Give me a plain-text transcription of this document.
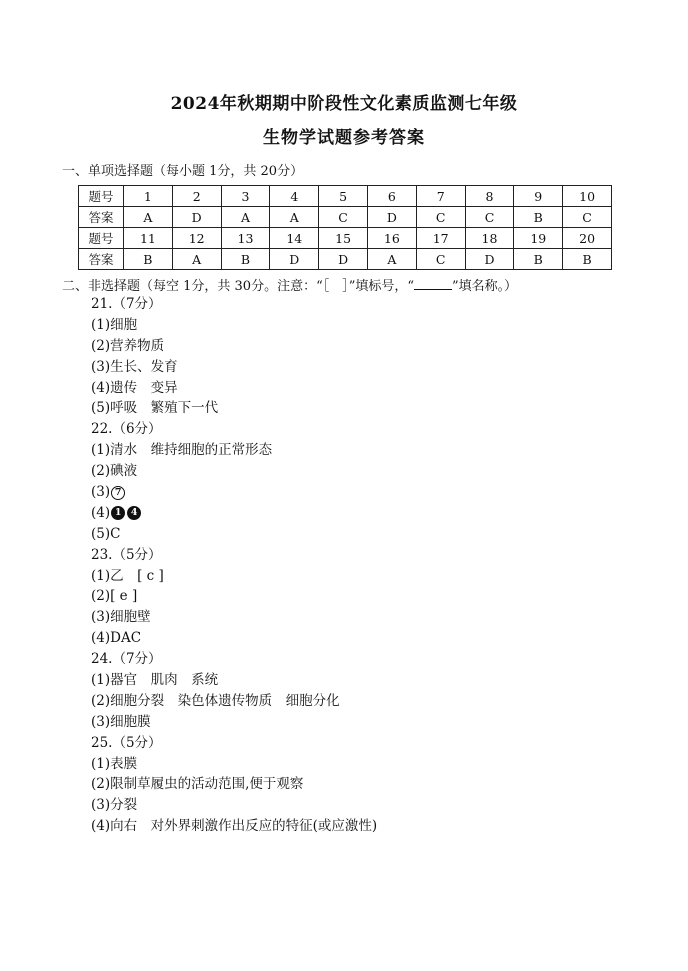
2024年秋期期中阶段性文化素质监测七年级
生物学试题参考答案
一、单项选择题（每小题 1分，共 20分）
题号	1	2	3	4	5	6	7	8	9	10
答案	A	D	A	A	C	D	C	C	B	C
题号	11	12	13	14	15	16	17	18	19	20
答案	B	A	B	D	D	A	C	D	B	B
二、非选择题（每空 1分，共 30分。注意：“［　］”填标号，“	”填名称。）
21.（7分）
(1)细胞
(2)营养物质
(3)生长、发育
(4)遗传　变异
(5)呼吸　繁殖下一代
22.（6分）
(1)清水　维持细胞的正常形态
(2)碘液
(3) 7
(4) 1 4
(5)C
23.（5分）
(1)乙　[ c ]
(2)[ e ]
(3)细胞壁
(4)DAC
24.（7分）
(1)器官　肌肉　系统
(2)细胞分裂　染色体遗传物质　细胞分化
(3)细胞膜
25.（5分）
(1)表膜
(2)限制草履虫的活动范围,便于观察
(3)分裂
(4)向右　对外界刺激作出反应的特征(或应激性)
